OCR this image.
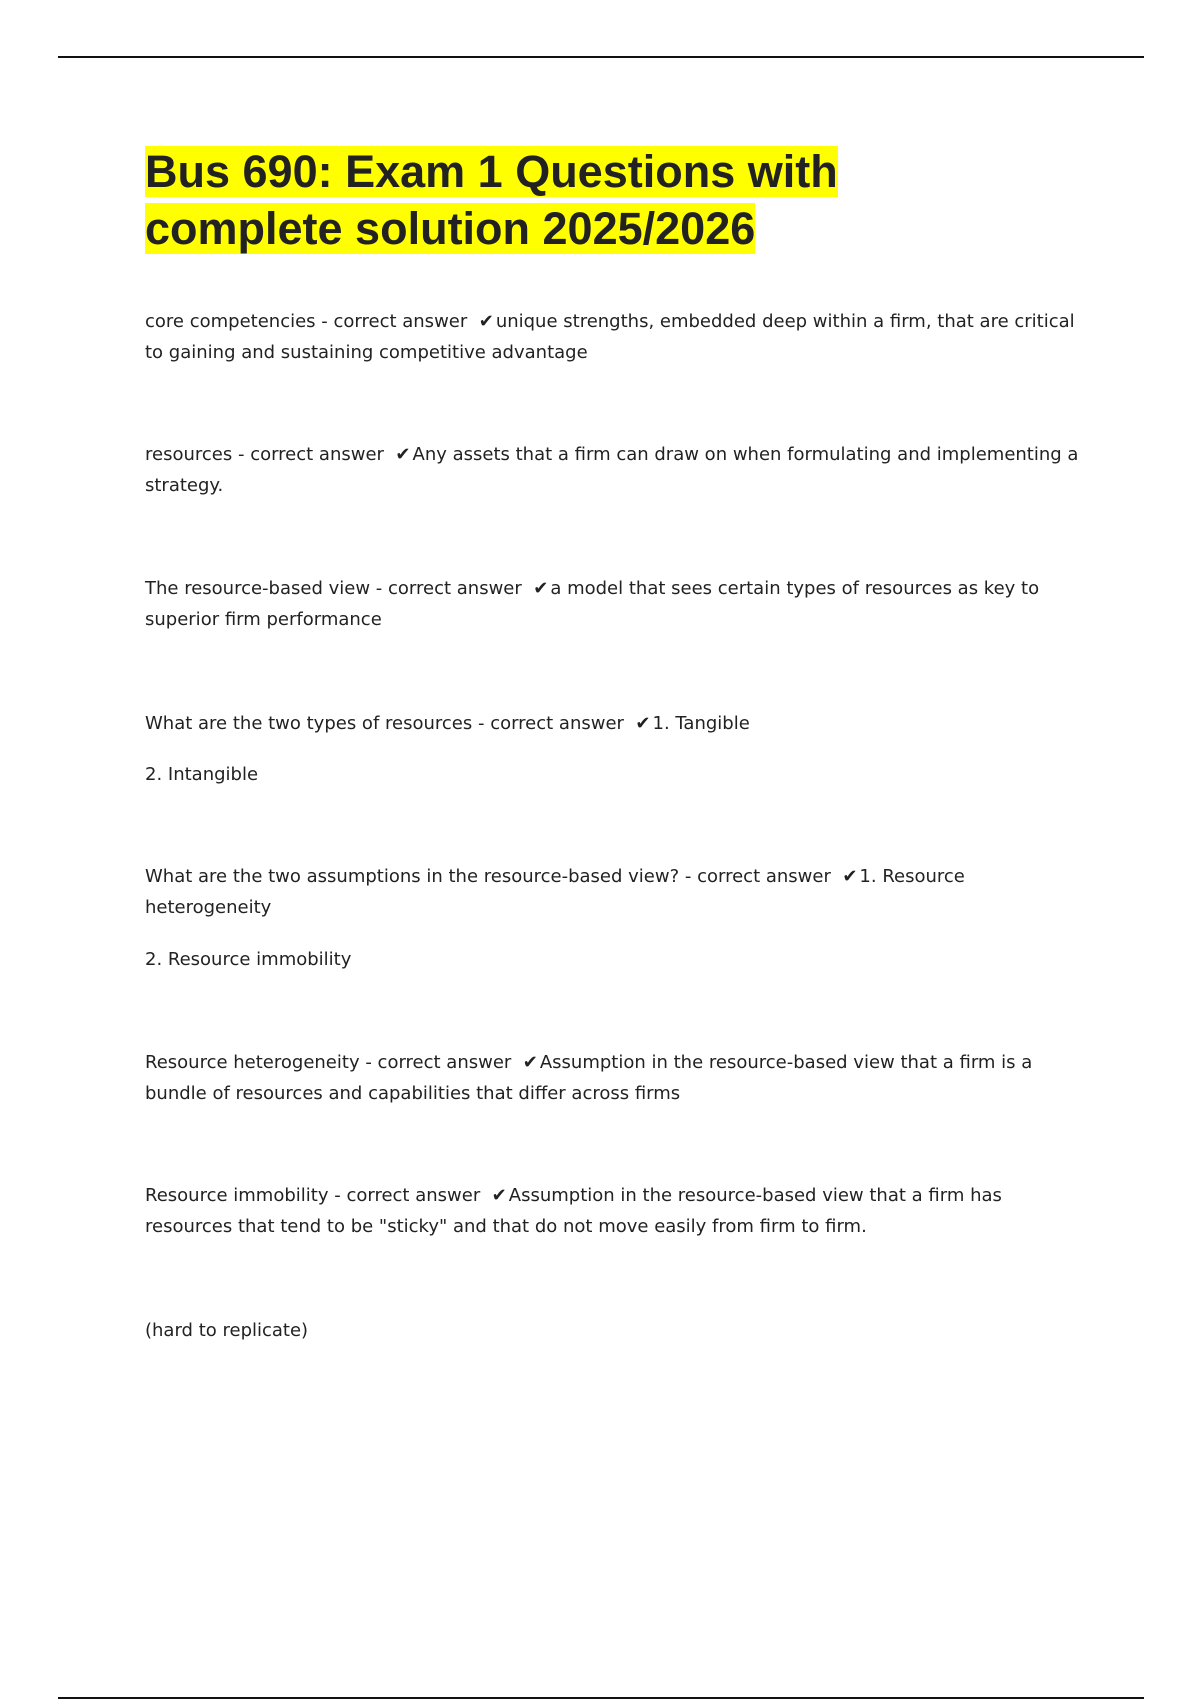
Bus 690: Exam 1 Questions with
complete solution 2025/2026

core competencies - correct answer ✔ unique strengths, embedded deep within a firm, that are critical to gaining and sustaining competitive advantage

resources - correct answer ✔ Any assets that a firm can draw on when formulating and implementing a strategy.

The resource-based view - correct answer ✔ a model that sees certain types of resources as key to superior firm performance

What are the two types of resources - correct answer ✔ 1. Tangible

2. Intangible

What are the two assumptions in the resource-based view? - correct answer ✔ 1. Resource heterogeneity

2. Resource immobility

Resource heterogeneity - correct answer ✔ Assumption in the resource-based view that a firm is a bundle of resources and capabilities that differ across firms

Resource immobility - correct answer ✔ Assumption in the resource-based view that a firm has resources that tend to be "sticky" and that do not move easily from firm to firm.

(hard to replicate)
